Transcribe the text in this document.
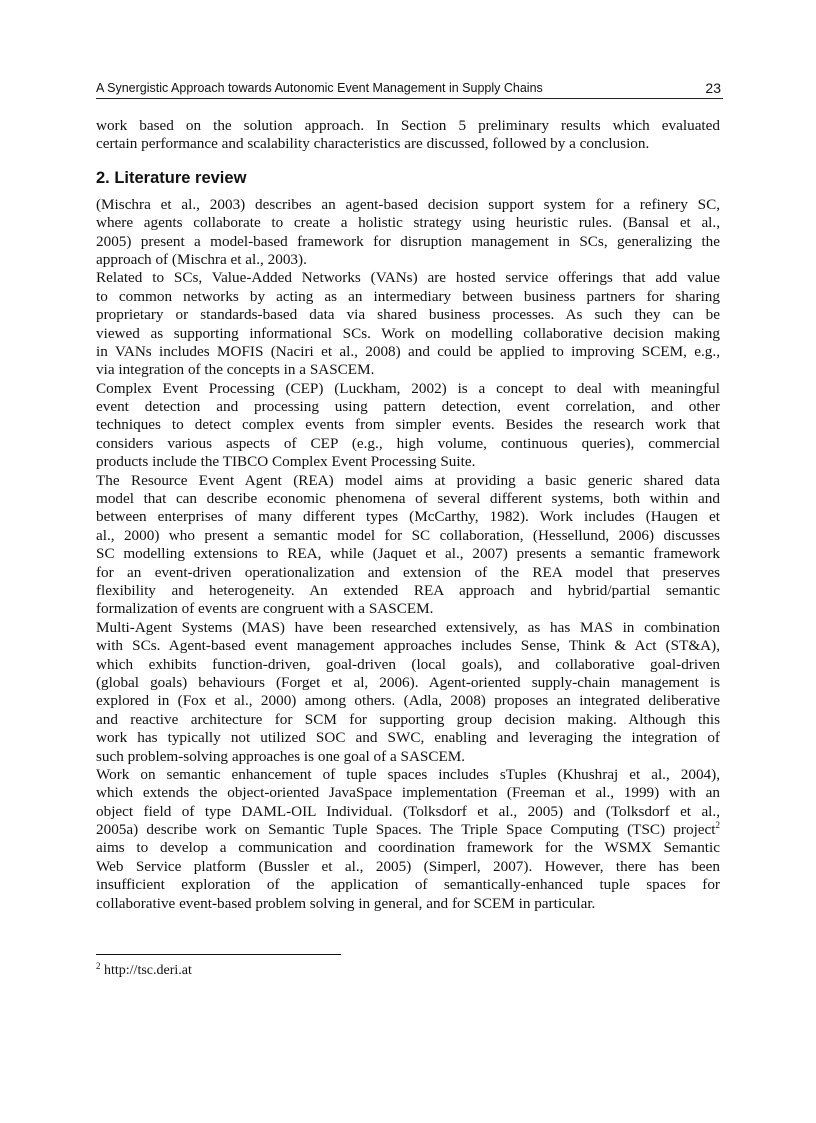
A Synergistic Approach towards Autonomic Event Management in Supply Chains	23
work based on the solution approach. In Section 5 preliminary results which evaluated
certain performance and scalability characteristics are discussed, followed by a conclusion.
2. Literature review
(Mischra et al., 2003) describes an agent-based decision support system for a refinery SC,
where agents collaborate to create a holistic strategy using heuristic rules. (Bansal et al.,
2005) present a model-based framework for disruption management in SCs, generalizing the
approach of (Mischra et al., 2003).
Related to SCs, Value-Added Networks (VANs) are hosted service offerings that add value
to common networks by acting as an intermediary between business partners for sharing
proprietary or standards-based data via shared business processes. As such they can be
viewed as supporting informational SCs. Work on modelling collaborative decision making
in VANs includes MOFIS (Naciri et al., 2008) and could be applied to improving SCEM, e.g.,
via integration of the concepts in a SASCEM.
Complex Event Processing (CEP) (Luckham, 2002) is a concept to deal with meaningful
event detection and processing using pattern detection, event correlation, and other
techniques to detect complex events from simpler events. Besides the research work that
considers various aspects of CEP (e.g., high volume, continuous queries), commercial
products include the TIBCO Complex Event Processing Suite.
The Resource Event Agent (REA) model aims at providing a basic generic shared data
model that can describe economic phenomena of several different systems, both within and
between enterprises of many different types (McCarthy, 1982). Work includes (Haugen et
al., 2000) who present a semantic model for SC collaboration, (Hessellund, 2006) discusses
SC modelling extensions to REA, while (Jaquet et al., 2007) presents a semantic framework
for an event-driven operationalization and extension of the REA model that preserves
flexibility and heterogeneity. An extended REA approach and hybrid/partial semantic
formalization of events are congruent with a SASCEM.
Multi-Agent Systems (MAS) have been researched extensively, as has MAS in combination
with SCs. Agent-based event management approaches includes Sense, Think & Act (ST&A),
which exhibits function-driven, goal-driven (local goals), and collaborative goal-driven
(global goals) behaviours (Forget et al, 2006). Agent-oriented supply-chain management is
explored in (Fox et al., 2000) among others. (Adla, 2008) proposes an integrated deliberative
and reactive architecture for SCM for supporting group decision making. Although this
work has typically not utilized SOC and SWC, enabling and leveraging the integration of
such problem-solving approaches is one goal of a SASCEM.
Work on semantic enhancement of tuple spaces includes sTuples (Khushraj et al., 2004),
which extends the object-oriented JavaSpace implementation (Freeman et al., 1999) with an
object field of type DAML-OIL Individual. (Tolksdorf et al., 2005) and (Tolksdorf et al.,
2005a) describe work on Semantic Tuple Spaces. The Triple Space Computing (TSC) project$^2$
aims to develop a communication and coordination framework for the WSMX Semantic
Web Service platform (Bussler et al., 2005) (Simperl, 2007). However, there has been
insufficient exploration of the application of semantically-enhanced tuple spaces for
collaborative event-based problem solving in general, and for SCEM in particular.
$^2$ http://tsc.deri.at
